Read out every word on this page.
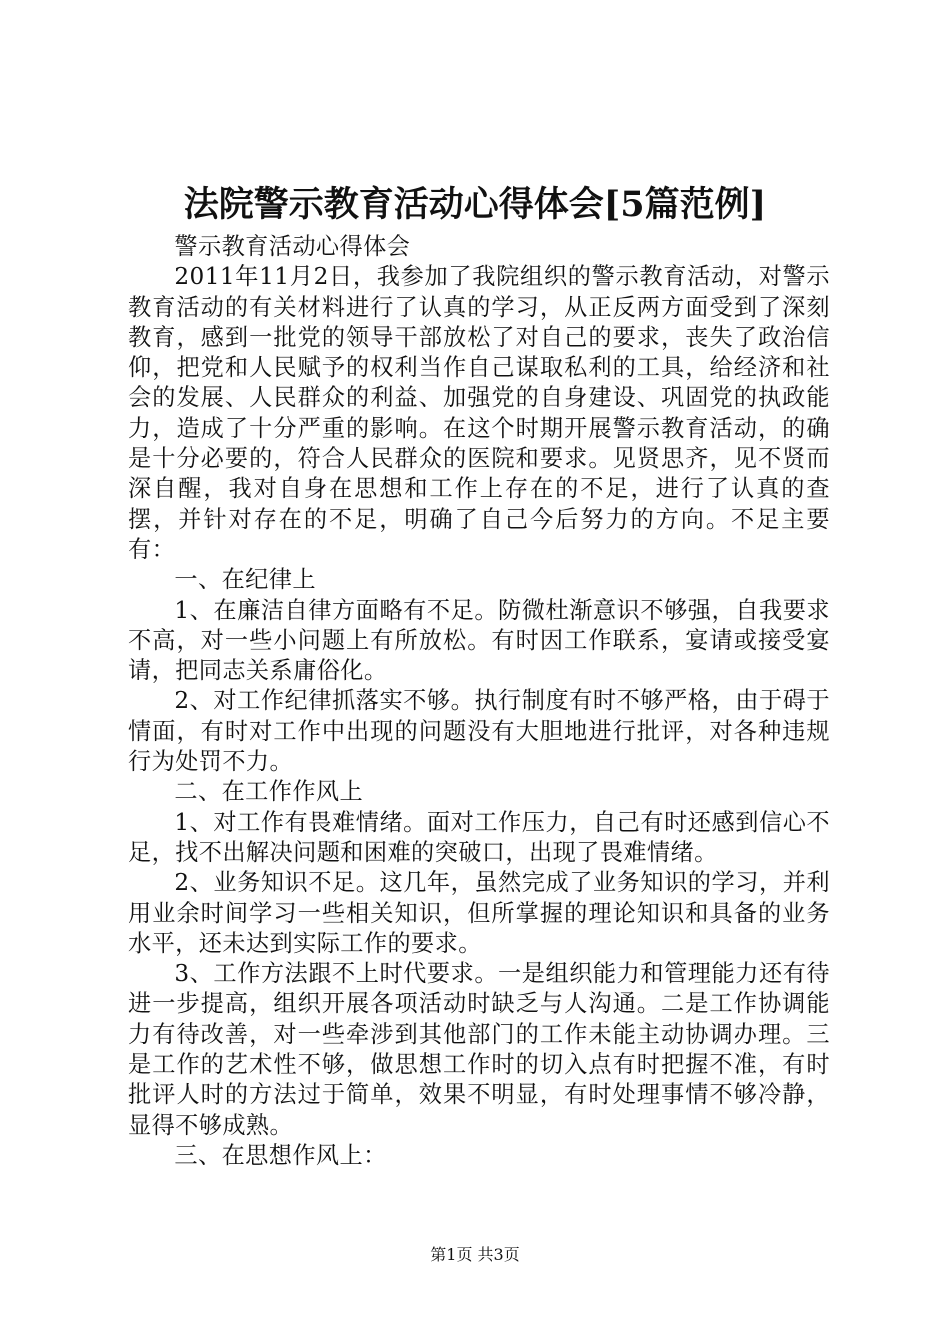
法院警示教育活动心得体会[5篇范例]

警示教育活动心得体会

2011年11月2日，我参加了我院组织的警示教育活动，对警示教育活动的有关材料进行了认真的学习，从正反两方面受到了深刻教育，感到一批党的领导干部放松了对自己的要求，丧失了政治信仰，把党和人民赋予的权利当作自己谋取私利的工具，给经济和社会的发展、人民群众的利益、加强党的自身建设、巩固党的执政能力，造成了十分严重的影响。在这个时期开展警示教育活动，的确是十分必要的，符合人民群众的医院和要求。见贤思齐，见不贤而深自醒，我对自身在思想和工作上存在的不足，进行了认真的查摆，并针对存在的不足，明确了自己今后努力的方向。不足主要有：

一、在纪律上

1、在廉洁自律方面略有不足。防微杜渐意识不够强，自我要求不高，对一些小问题上有所放松。有时因工作联系，宴请或接受宴请，把同志关系庸俗化。

2、对工作纪律抓落实不够。执行制度有时不够严格，由于碍于情面，有时对工作中出现的问题没有大胆地进行批评，对各种违规行为处罚不力。

二、在工作作风上

1、对工作有畏难情绪。面对工作压力，自己有时还感到信心不足，找不出解决问题和困难的突破口，出现了畏难情绪。

2、业务知识不足。这几年，虽然完成了业务知识的学习，并利用业余时间学习一些相关知识，但所掌握的理论知识和具备的业务水平，还未达到实际工作的要求。

3、工作方法跟不上时代要求。一是组织能力和管理能力还有待进一步提高，组织开展各项活动时缺乏与人沟通。二是工作协调能力有待改善，对一些牵涉到其他部门的工作未能主动协调办理。三是工作的艺术性不够，做思想工作时的切入点有时把握不准，有时批评人时的方法过于简单，效果不明显，有时处理事情不够冷静，显得不够成熟。

三、在思想作风上：

第1页 共3页
